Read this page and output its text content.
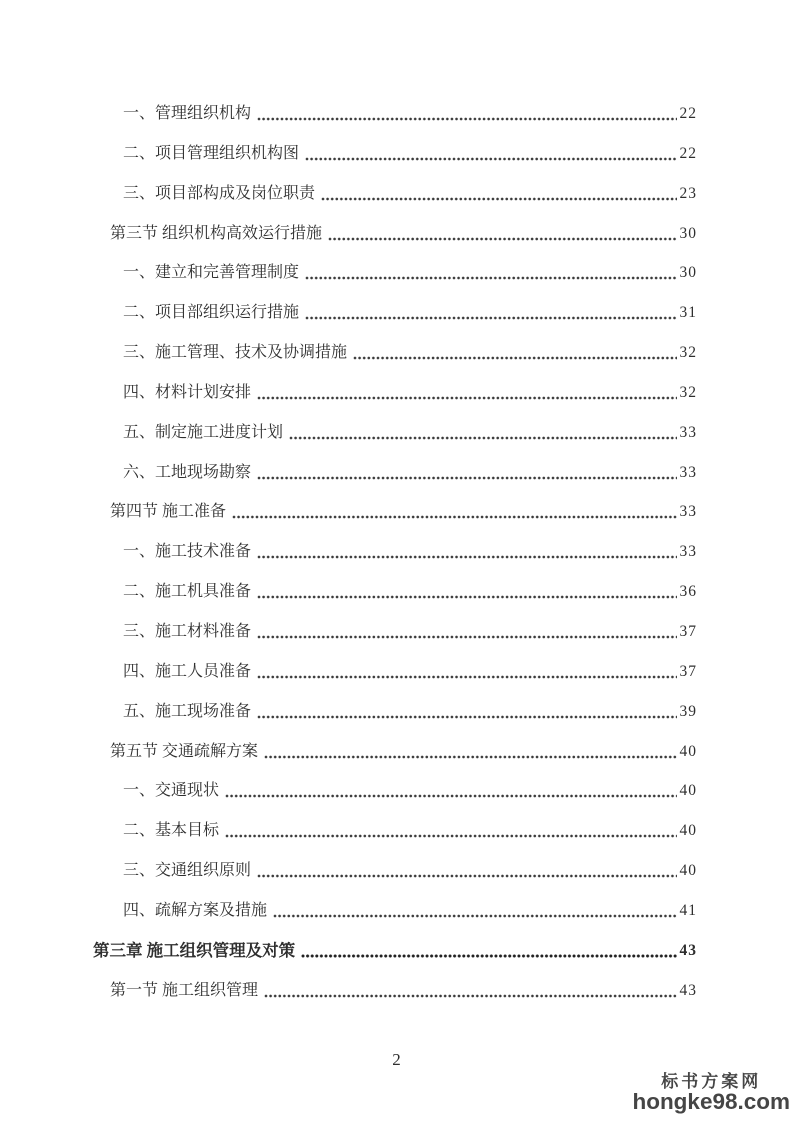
一、管理组织机构	22
二、项目管理组织机构图	22
三、项目部构成及岗位职责	23
第三节 组织机构高效运行措施	30
一、建立和完善管理制度	30
二、项目部组织运行措施	31
三、施工管理、技术及协调措施	32
四、材料计划安排	32
五、制定施工进度计划	33
六、工地现场勘察	33
第四节 施工准备	33
一、施工技术准备	33
二、施工机具准备	36
三、施工材料准备	37
四、施工人员准备	37
五、施工现场准备	39
第五节 交通疏解方案	40
一、交通现状	40
二、基本目标	40
三、交通组织原则	40
四、疏解方案及措施	41
第三章 施工组织管理及对策	43
第一节 施工组织管理	43
2
标书方案网
hongke98.com
